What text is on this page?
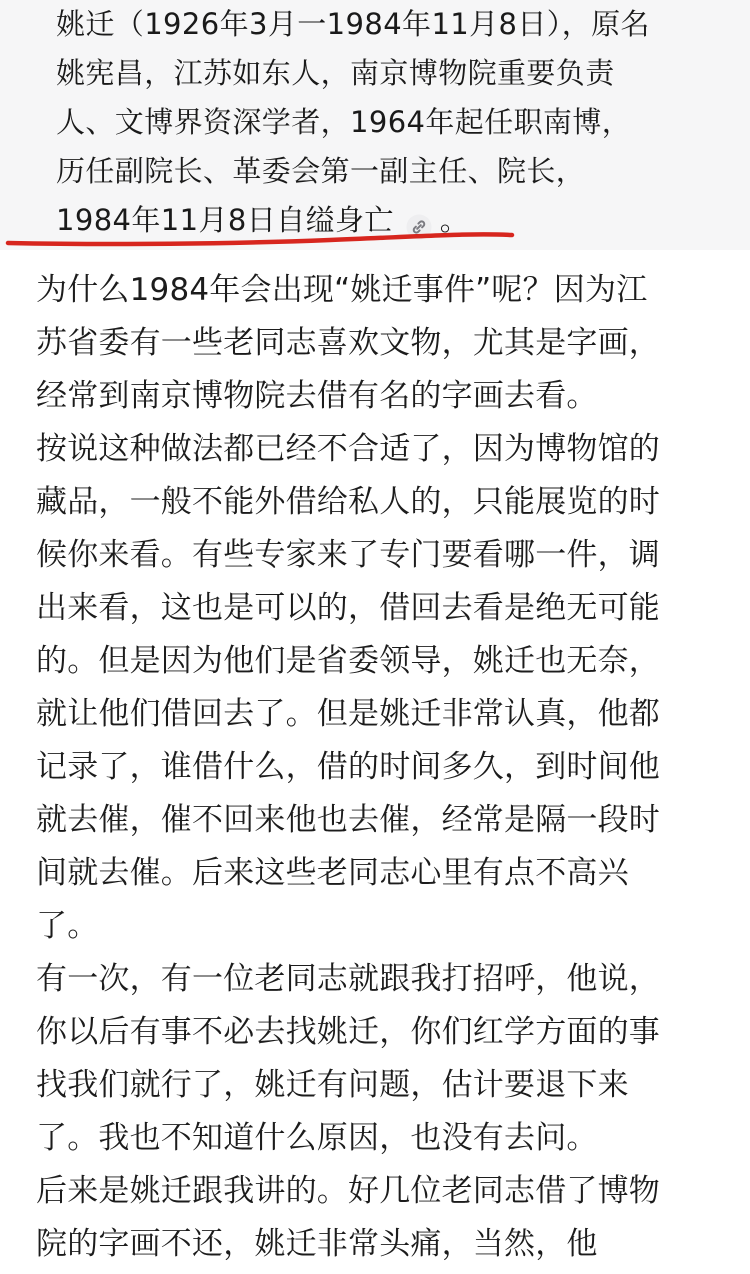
姚迁（1926年3月一1984年11月8日），原名
姚宪昌，江苏如东人，南京博物院重要负责
人、文博界资深学者，1964年起任职南博，
历任副院长、革委会第一副主任、院长，
1984年11月8日自缢身亡 。
为什么1984年会出现“姚迁事件”呢？因为江
苏省委有一些老同志喜欢文物，尤其是字画，
经常到南京博物院去借有名的字画去看。
按说这种做法都已经不合适了，因为博物馆的
藏品，一般不能外借给私人的，只能展览的时
候你来看。有些专家来了专门要看哪一件，调
出来看，这也是可以的，借回去看是绝无可能
的。但是因为他们是省委领导，姚迁也无奈，
就让他们借回去了。但是姚迁非常认真，他都
记录了，谁借什么，借的时间多久，到时间他
就去催，催不回来他也去催，经常是隔一段时
间就去催。后来这些老同志心里有点不高兴
了。
有一次，有一位老同志就跟我打招呼，他说，
你以后有事不必去找姚迁，你们红学方面的事
找我们就行了，姚迁有问题，估计要退下来
了。我也不知道什么原因，也没有去问。
后来是姚迁跟我讲的。好几位老同志借了博物
院的字画不还，姚迁非常头痛，当然，他
